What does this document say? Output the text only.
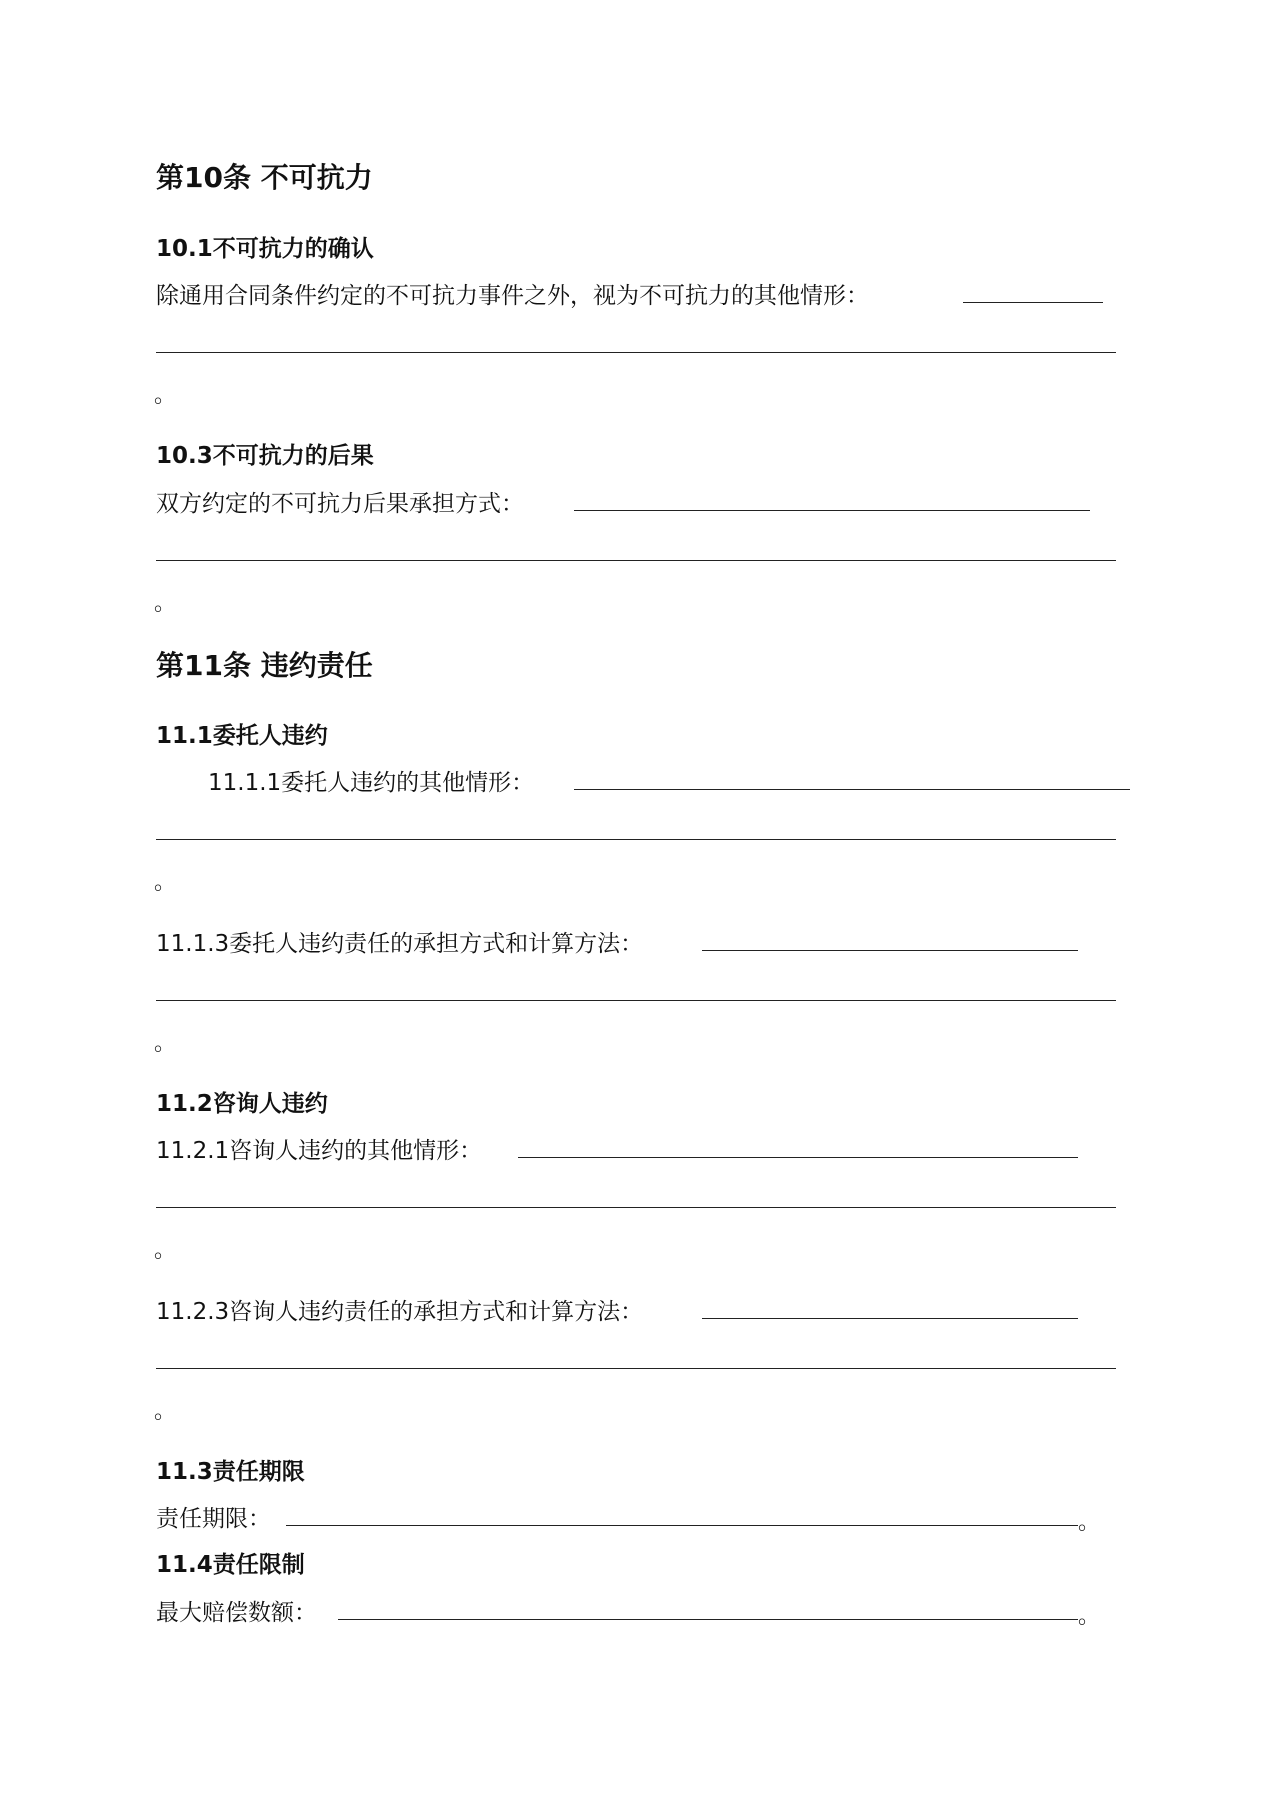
第10条 不可抗力
10.1不可抗力的确认
除通用合同条件约定的不可抗力事件之外，视为不可抗力的其他情形：
。
10.3不可抗力的后果
双方约定的不可抗力后果承担方式：
。
第11条 违约责任
11.1委托人违约
11.1.1委托人违约的其他情形：
。
11.1.3委托人违约责任的承担方式和计算方法：
。
11.2咨询人违约
11.2.1咨询人违约的其他情形：
。
11.2.3咨询人违约责任的承担方式和计算方法：
。
11.3责任期限
责任期限：	。
11.4责任限制
最大赔偿数额：	。
